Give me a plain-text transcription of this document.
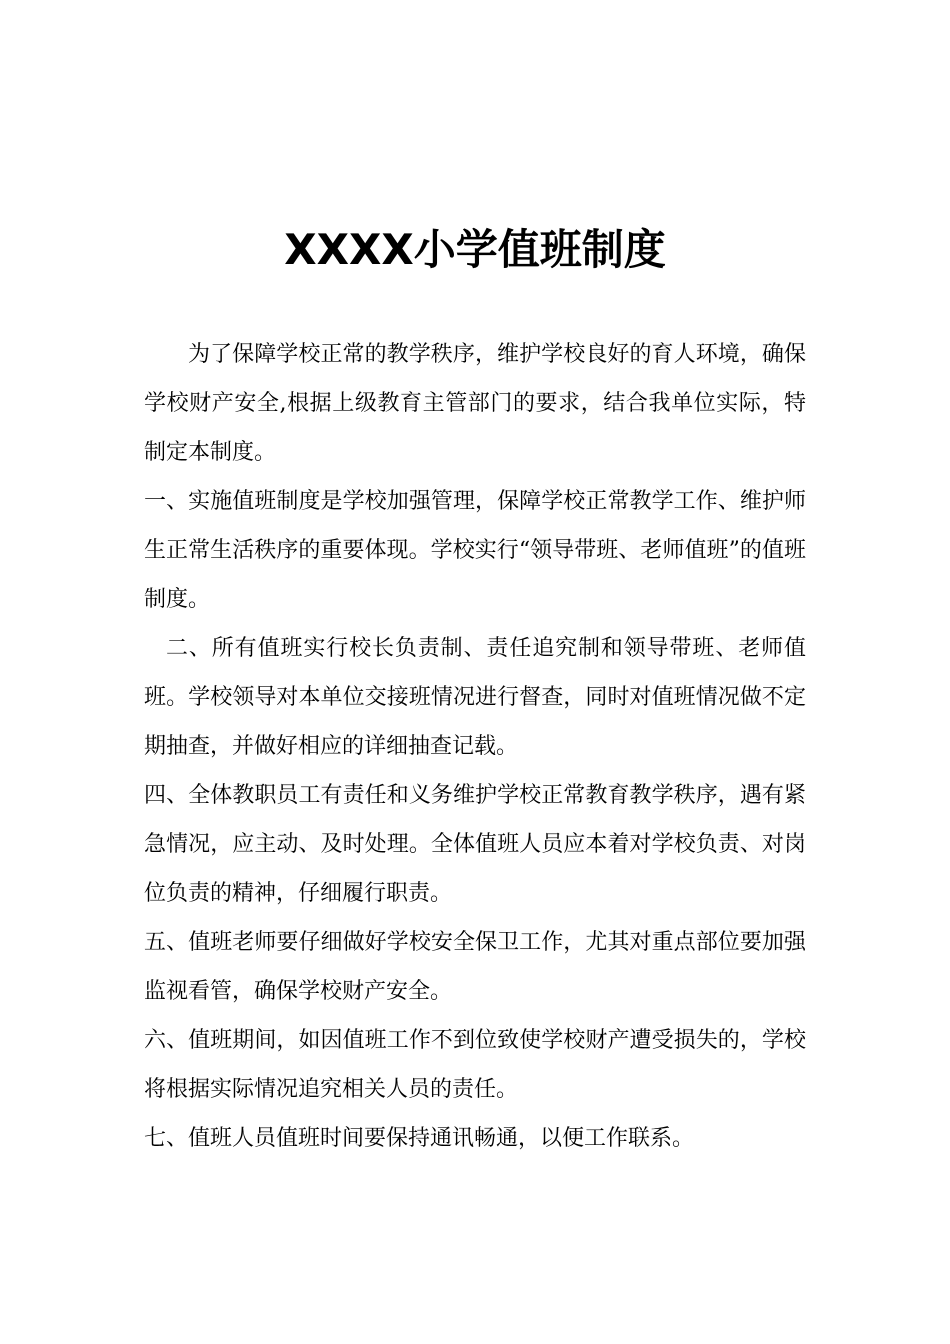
XXXX小学值班制度

为了保障学校正常的教学秩序，维护学校良好的育人环境，确保学校财产安全,根据上级教育主管部门的要求，结合我单位实际，特制定本制度。

一、实施值班制度是学校加强管理，保障学校正常教学工作、维护师生正常生活秩序的重要体现。学校实行“领导带班、老师值班”的值班制度。

二、所有值班实行校长负责制、责任追究制和领导带班、老师值班。学校领导对本单位交接班情况进行督查，同时对值班情况做不定期抽查，并做好相应的详细抽查记载。

四、全体教职员工有责任和义务维护学校正常教育教学秩序，遇有紧急情况，应主动、及时处理。全体值班人员应本着对学校负责、对岗位负责的精神，仔细履行职责。

五、值班老师要仔细做好学校安全保卫工作，尤其对重点部位要加强监视看管，确保学校财产安全。

六、值班期间，如因值班工作不到位致使学校财产遭受损失的，学校将根据实际情况追究相关人员的责任。

七、值班人员值班时间要保持通讯畅通，以便工作联系。
